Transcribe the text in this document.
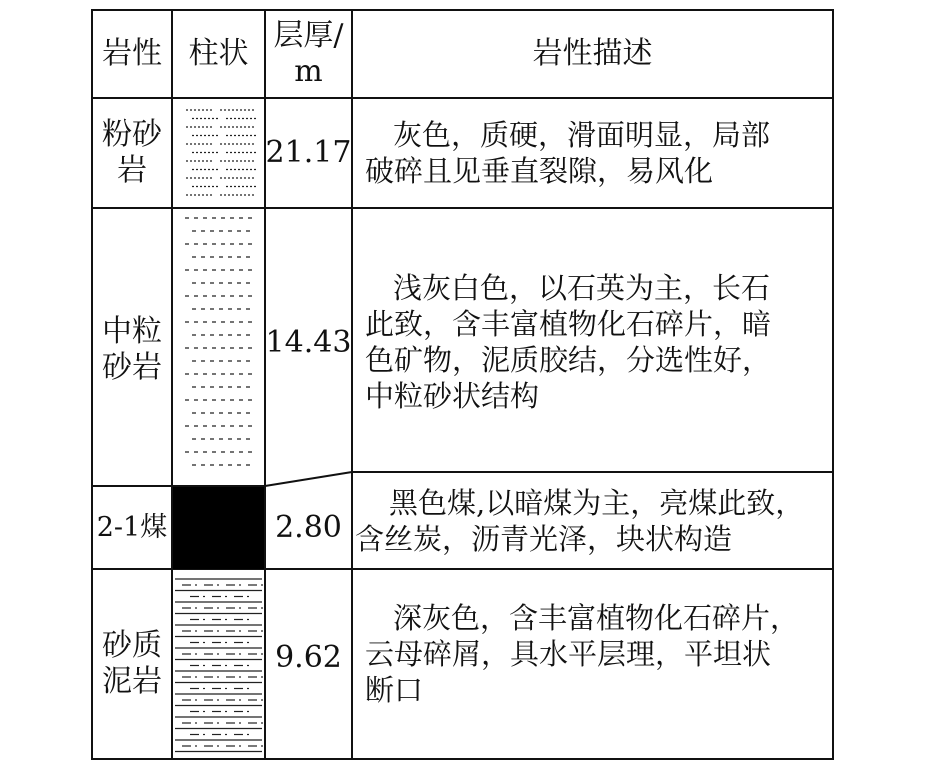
岩性 柱状
层厚/
m
岩性描述
粉砂
岩
21.17	灰色，质硬，滑面明显，局部
破碎且见垂直裂隙，易风化
中粒
砂岩
14.43
浅灰白色，以石英为主，长石
此致，含丰富植物化石碎片，暗
色矿物，泥质胶结，分选性好，
中粒砂状结构
2-1煤	2.80
黑色煤,以暗煤为主，亮煤此致，
含丝炭，沥青光泽，块状构造
砂质
泥岩
9.62
深灰色，含丰富植物化石碎片，
云母碎屑，具水平层理，平坦状
断口
